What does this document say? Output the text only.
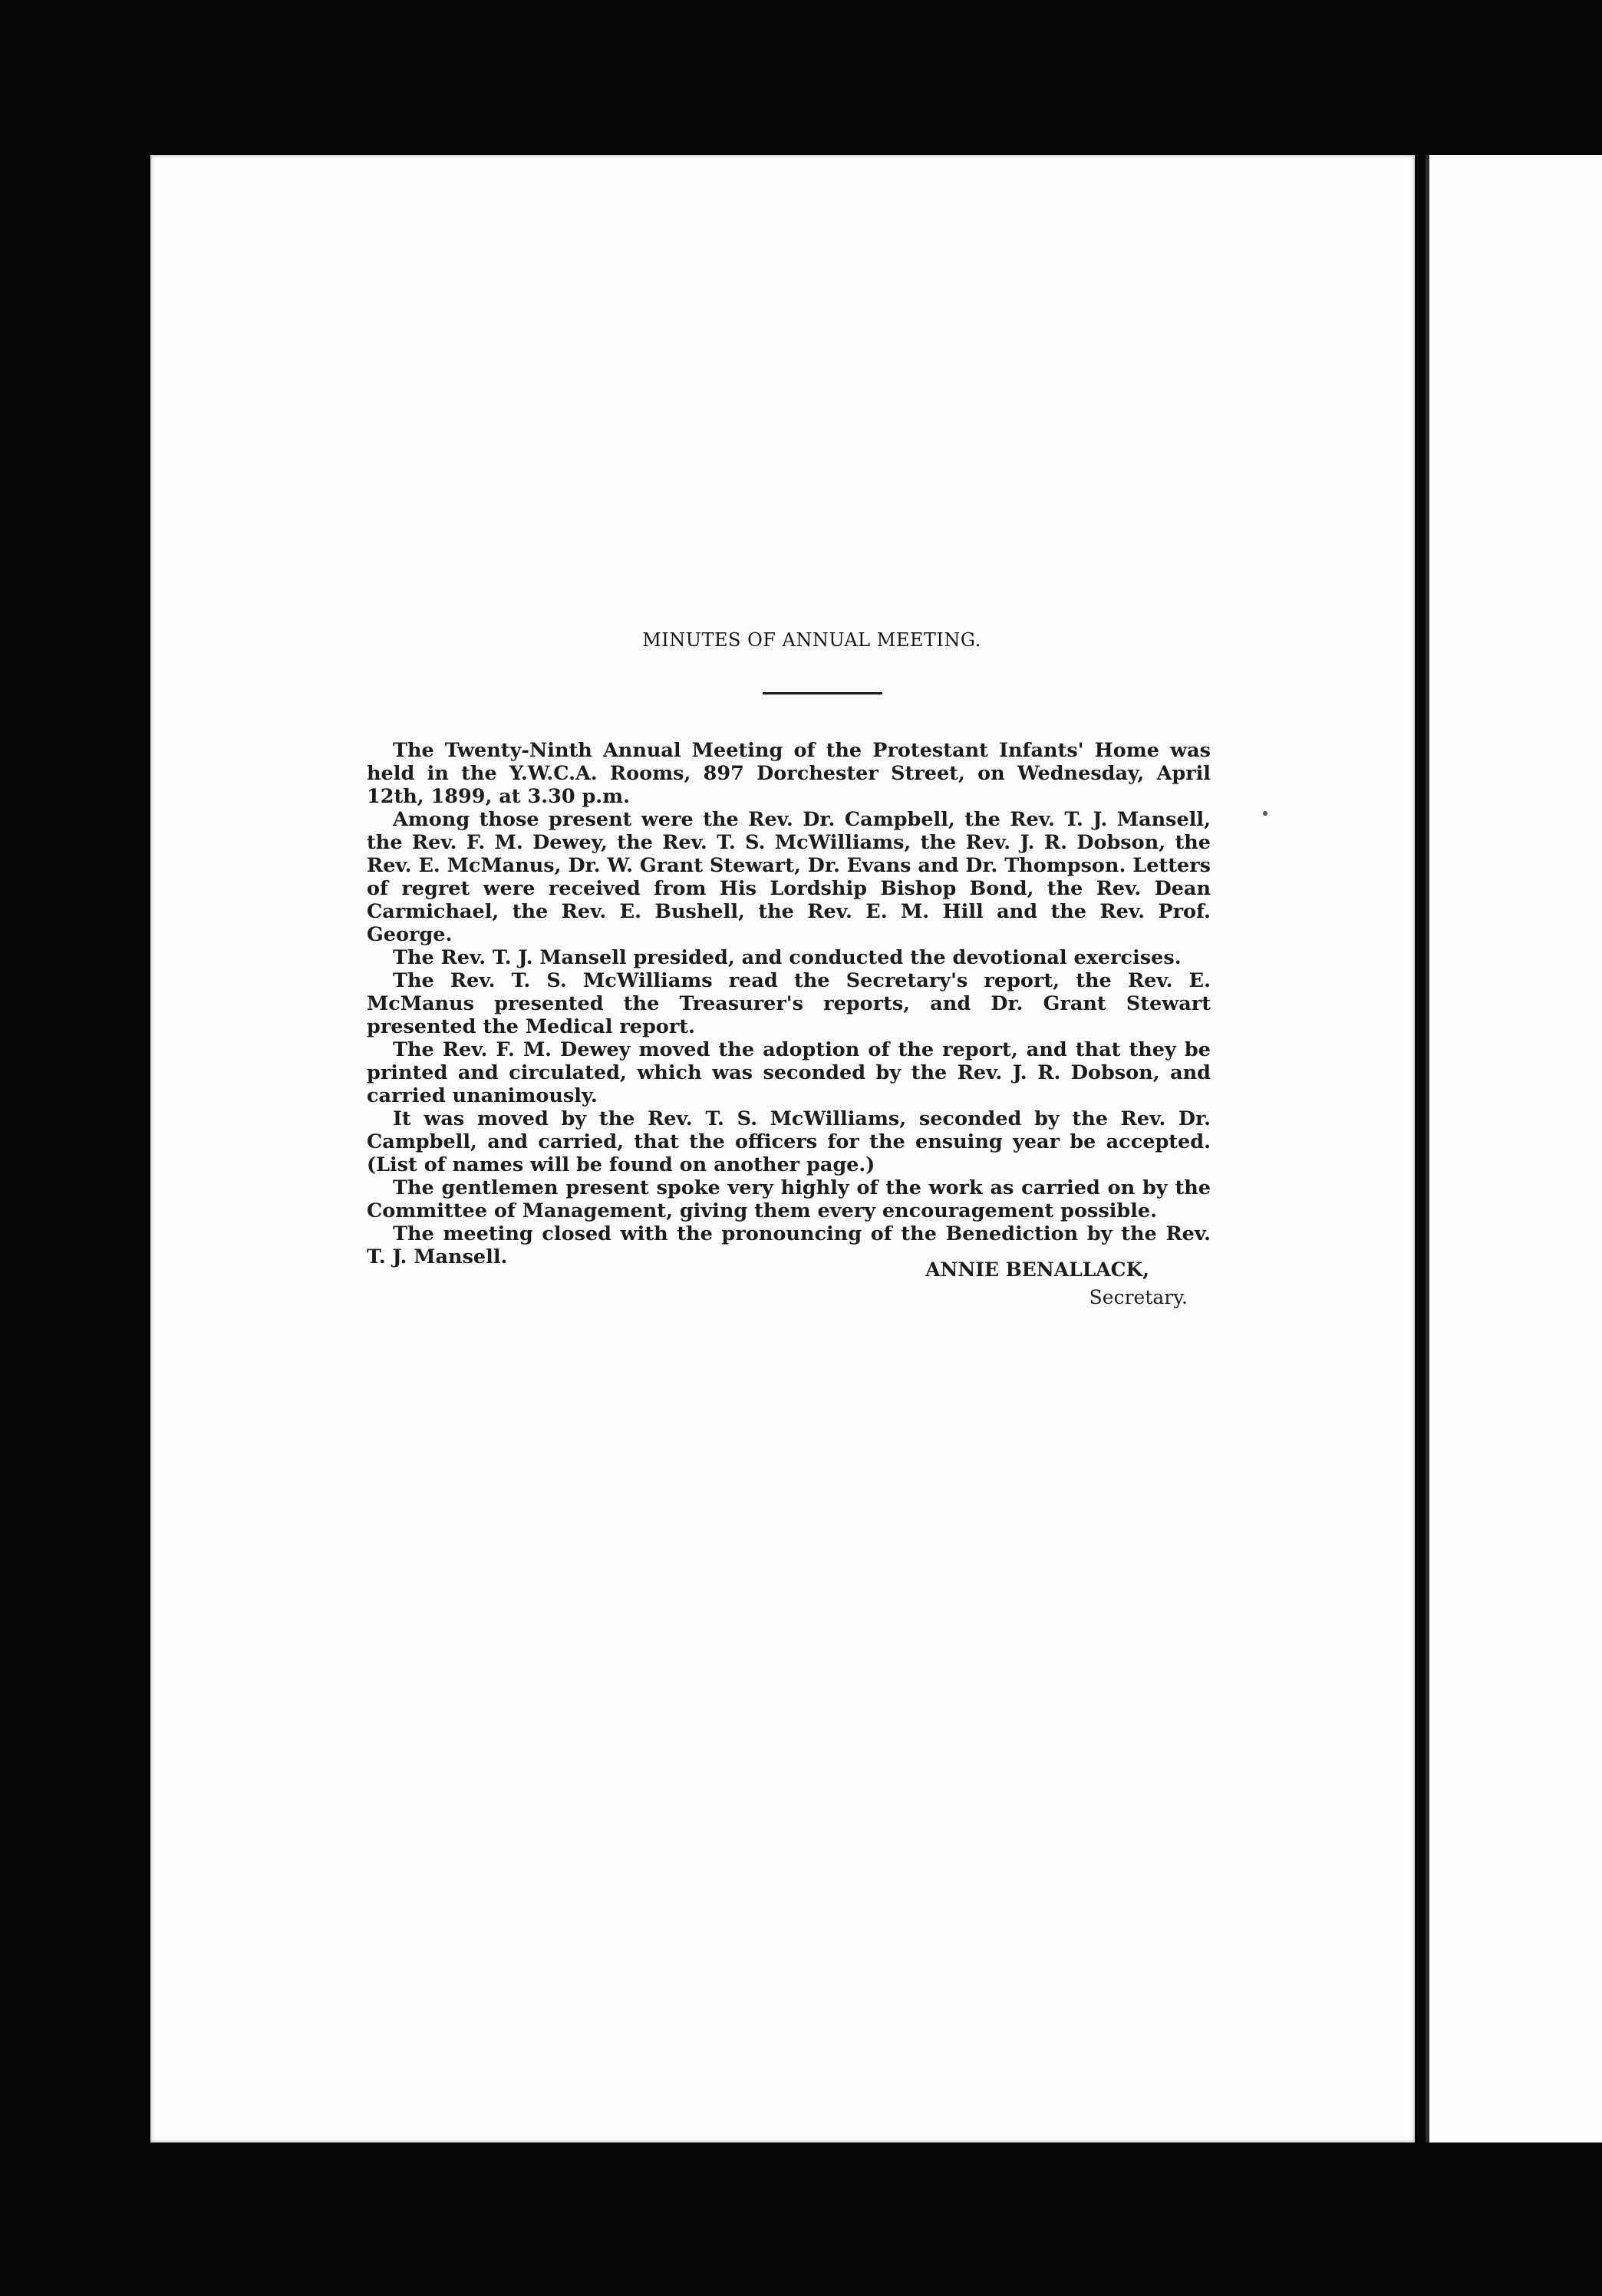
MINUTES OF ANNUAL MEETING.

The Twenty-Ninth Annual Meeting of the Protestant Infants' Home was held in the Y.W.C.A. Rooms, 897 Dorchester Street, on Wednesday, April 12th, 1899, at 3.30 p.m.

Among those present were the Rev. Dr. Campbell, the Rev. T. J. Mansell, the Rev. F. M. Dewey, the Rev. T. S. McWilliams, the Rev. J. R. Dobson, the Rev. E. McManus, Dr. W. Grant Stewart, Dr. Evans and Dr. Thompson. Letters of regret were received from His Lordship Bishop Bond, the Rev. Dean Carmichael, the Rev. E. Bushell, the Rev. E. M. Hill and the Rev. Prof. George.

The Rev. T. J. Mansell presided, and conducted the devotional exercises.

The Rev. T. S. McWilliams read the Secretary's report, the Rev. E. McManus presented the Treasurer's reports, and Dr. Grant Stewart presented the Medical report.

The Rev. F. M. Dewey moved the adoption of the report, and that they be printed and circulated, which was seconded by the Rev. J. R. Dobson, and carried unanimously.

It was moved by the Rev. T. S. McWilliams, seconded by the Rev. Dr. Campbell, and carried, that the officers for the ensuing year be accepted. (List of names will be found on another page.)

The gentlemen present spoke very highly of the work as carried on by the Committee of Management, giving them every encouragement possible.

The meeting closed with the pronouncing of the Benediction by the Rev. T. J. Mansell.

ANNIE BENALLACK,
Secretary.
